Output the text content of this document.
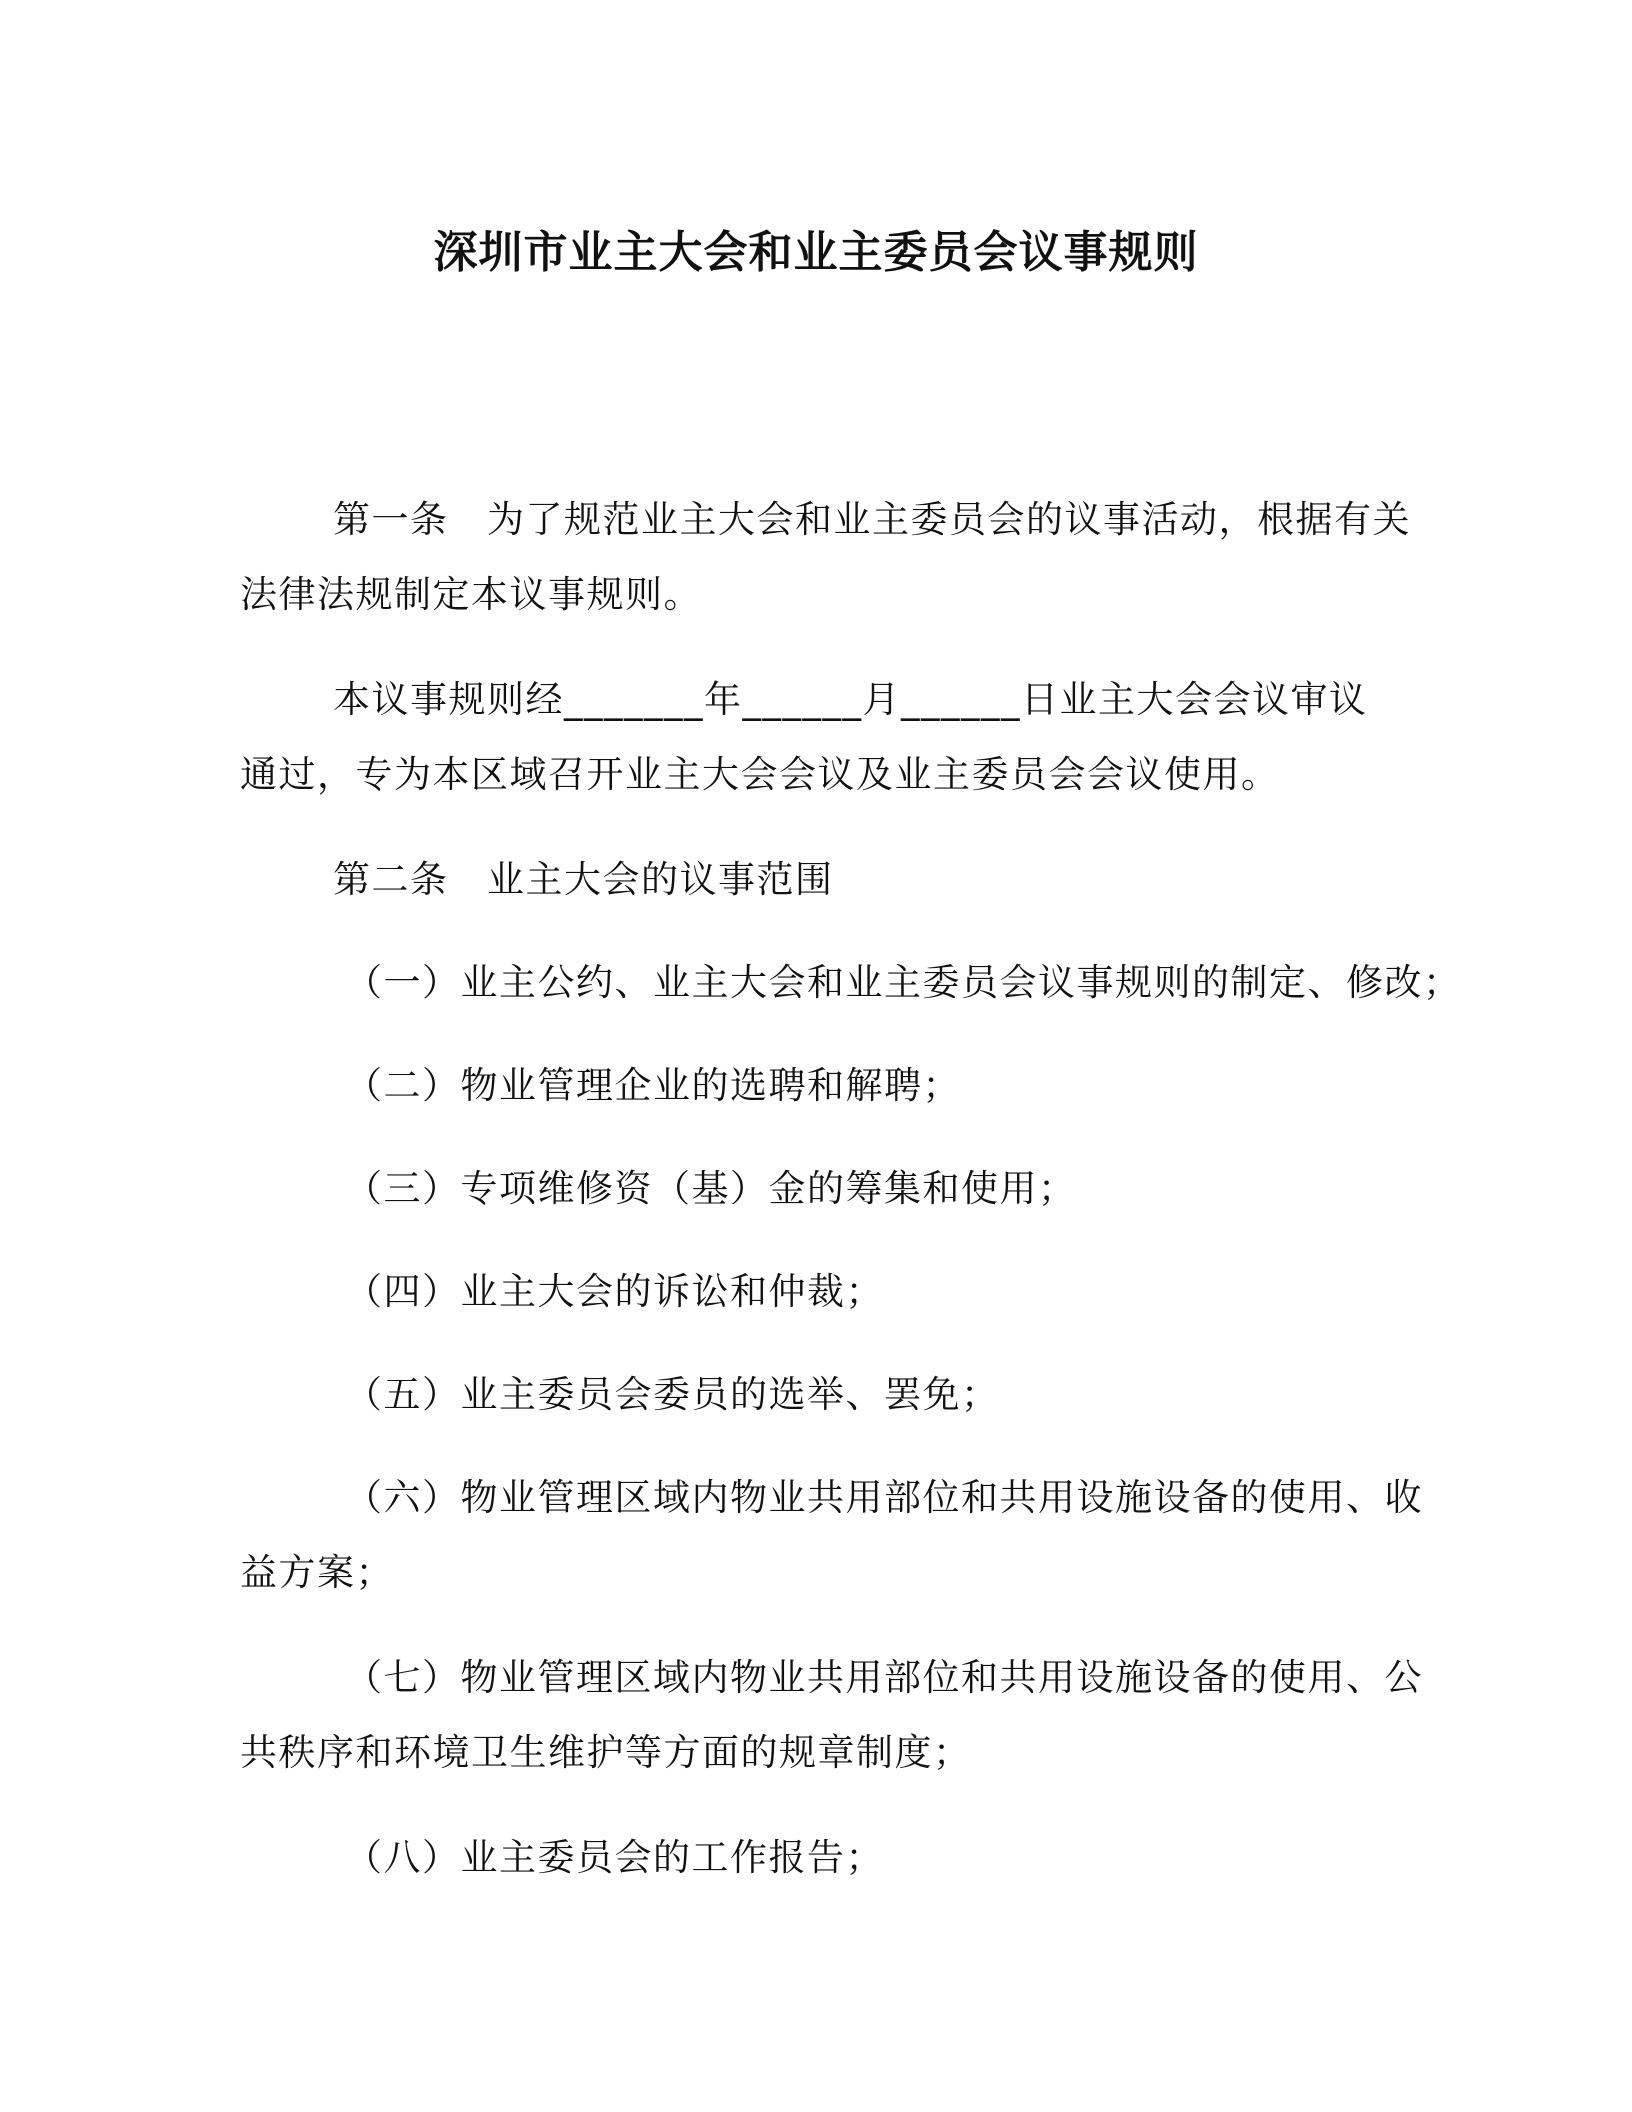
深圳市业主大会和业主委员会议事规则
第一条　为了规范业主大会和业主委员会的议事活动，根据有关
法律法规制定本议事规则。
本议事规则经_______年______月______日业主大会会议审议
通过，专为本区域召开业主大会会议及业主委员会会议使用。
第二条　业主大会的议事范围
（一）业主公约、业主大会和业主委员会议事规则的制定、修改；
（二）物业管理企业的选聘和解聘；
（三）专项维修资（基）金的筹集和使用；
（四）业主大会的诉讼和仲裁；
（五）业主委员会委员的选举、罢免；
（六）物业管理区域内物业共用部位和共用设施设备的使用、收
益方案；
（七）物业管理区域内物业共用部位和共用设施设备的使用、公
共秩序和环境卫生维护等方面的规章制度；
（八）业主委员会的工作报告；
